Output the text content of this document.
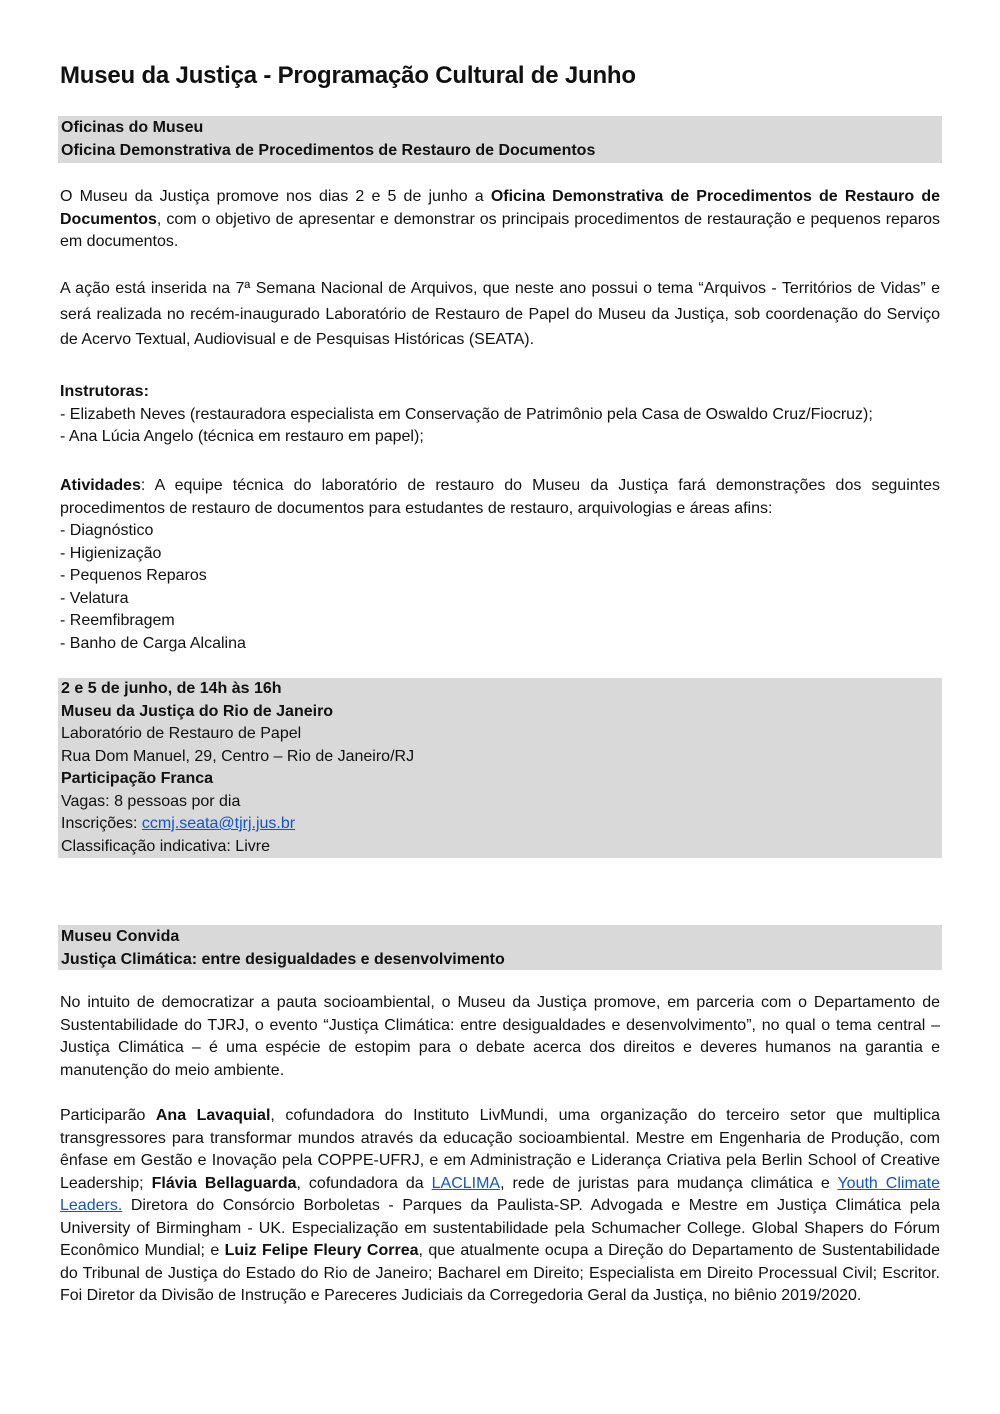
Museu da Justiça - Programação Cultural de Junho
Oficinas do Museu
Oficina Demonstrativa de Procedimentos de Restauro de Documentos

O Museu da Justiça promove nos dias 2 e 5 de junho a Oficina Demonstrativa de Procedimentos de Restauro de Documentos, com o objetivo de apresentar e demonstrar os principais procedimentos de restauração e pequenos reparos em documentos.

A ação está inserida na 7ª Semana Nacional de Arquivos, que neste ano possui o tema “Arquivos - Territórios de Vidas” e será realizada no recém-inaugurado Laboratório de Restauro de Papel do Museu da Justiça, sob coordenação do Serviço de Acervo Textual, Audiovisual e de Pesquisas Históricas (SEATA).

Instrutoras:
- Elizabeth Neves (restauradora especialista em Conservação de Patrimônio pela Casa de Oswaldo Cruz/Fiocruz);
- Ana Lúcia Angelo (técnica em restauro em papel);

Atividades: A equipe técnica do laboratório de restauro do Museu da Justiça fará demonstrações dos seguintes procedimentos de restauro de documentos para estudantes de restauro, arquivologias e áreas afins:

- Diagnóstico
- Higienização
- Pequenos Reparos
- Velatura
- Reemfibragem
- Banho de Carga Alcalina
2 e 5 de junho, de 14h às 16h
Museu da Justiça do Rio de Janeiro
Laboratório de Restauro de Papel
Rua Dom Manuel, 29, Centro – Rio de Janeiro/RJ
Participação Franca
Vagas: 8 pessoas por dia
Inscrições: ccmj.seata@tjrj.jus.br
Classificação indicativa: Livre
Museu Convida
Justiça Climática: entre desigualdades e desenvolvimento

No intuito de democratizar a pauta socioambiental, o Museu da Justiça promove, em parceria com o Departamento de Sustentabilidade do TJRJ, o evento “Justiça Climática: entre desigualdades e desenvolvimento”, no qual o tema central – Justiça Climática – é uma espécie de estopim para o debate acerca dos direitos e deveres humanos na garantia e manutenção do meio ambiente.

Participarão Ana Lavaquial, cofundadora do Instituto LivMundi, uma organização do terceiro setor que multiplica transgressores para transformar mundos através da educação socioambiental. Mestre em Engenharia de Produção, com ênfase em Gestão e Inovação pela COPPE-UFRJ, e em Administração e Liderança Criativa pela Berlin School of Creative Leadership; Flávia Bellaguarda, cofundadora da LACLIMA, rede de juristas para mudança climática e Youth Climate Leaders. Diretora do Consórcio Borboletas - Parques da Paulista-SP. Advogada e Mestre em Justiça Climática pela University of Birmingham - UK. Especialização em sustentabilidade pela Schumacher College. Global Shapers do Fórum Econômico Mundial; e Luiz Felipe Fleury Correa, que atualmente ocupa a Direção do Departamento de Sustentabilidade do Tribunal de Justiça do Estado do Rio de Janeiro; Bacharel em Direito; Especialista em Direito Processual Civil; Escritor. Foi Diretor da Divisão de Instrução e Pareceres Judiciais da Corregedoria Geral da Justiça, no biênio 2019/2020.
